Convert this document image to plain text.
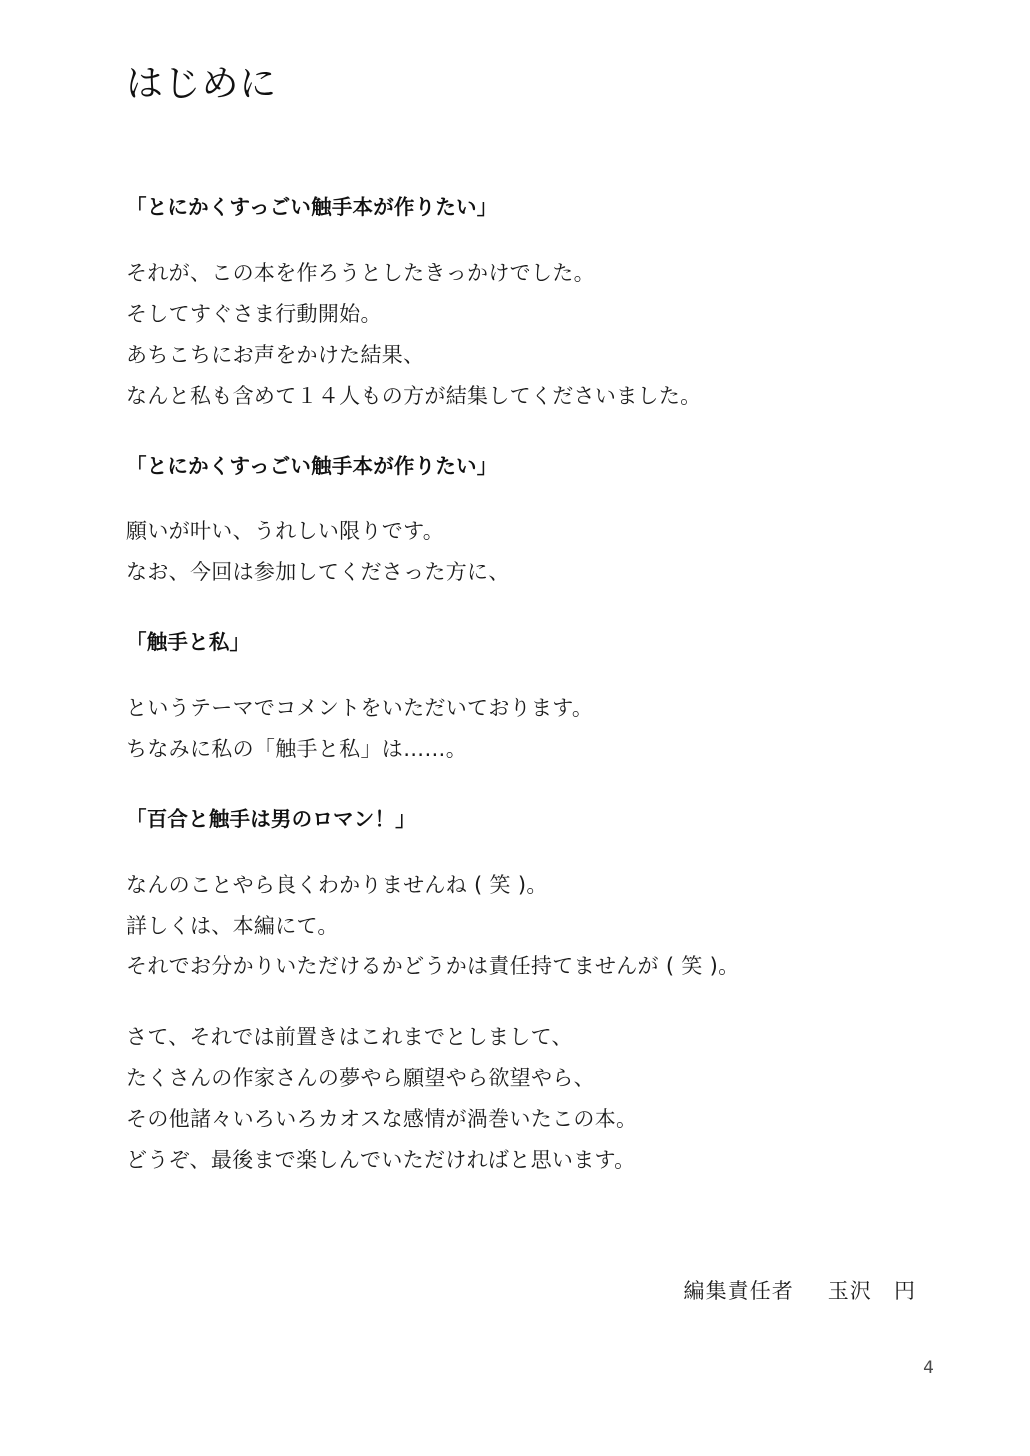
はじめに

「とにかくすっごい触手本が作りたい」

それが、この本を作ろうとしたきっかけでした。

そしてすぐさま行動開始。

あちこちにお声をかけた結果、

なんと私も含めて１４人もの方が結集してくださいました。

「とにかくすっごい触手本が作りたい」

願いが叶い、うれしい限りです。

なお、今回は参加してくださった方に、

「触手と私」

というテーマでコメントをいただいております。

ちなみに私の「触手と私」は……。

「百合と触手は男のロマン！」

なんのことやら良くわかりませんね ( 笑 )。

詳しくは、本編にて。

それでお分かりいただけるかどうかは責任持てませんが ( 笑 )。

さて、それでは前置きはこれまでとしまして、

たくさんの作家さんの夢やら願望やら欲望やら、

その他諸々いろいろカオスな感情が渦巻いたこの本。

どうぞ、最後まで楽しんでいただければと思います。

編集責任者 玉沢　円
4
